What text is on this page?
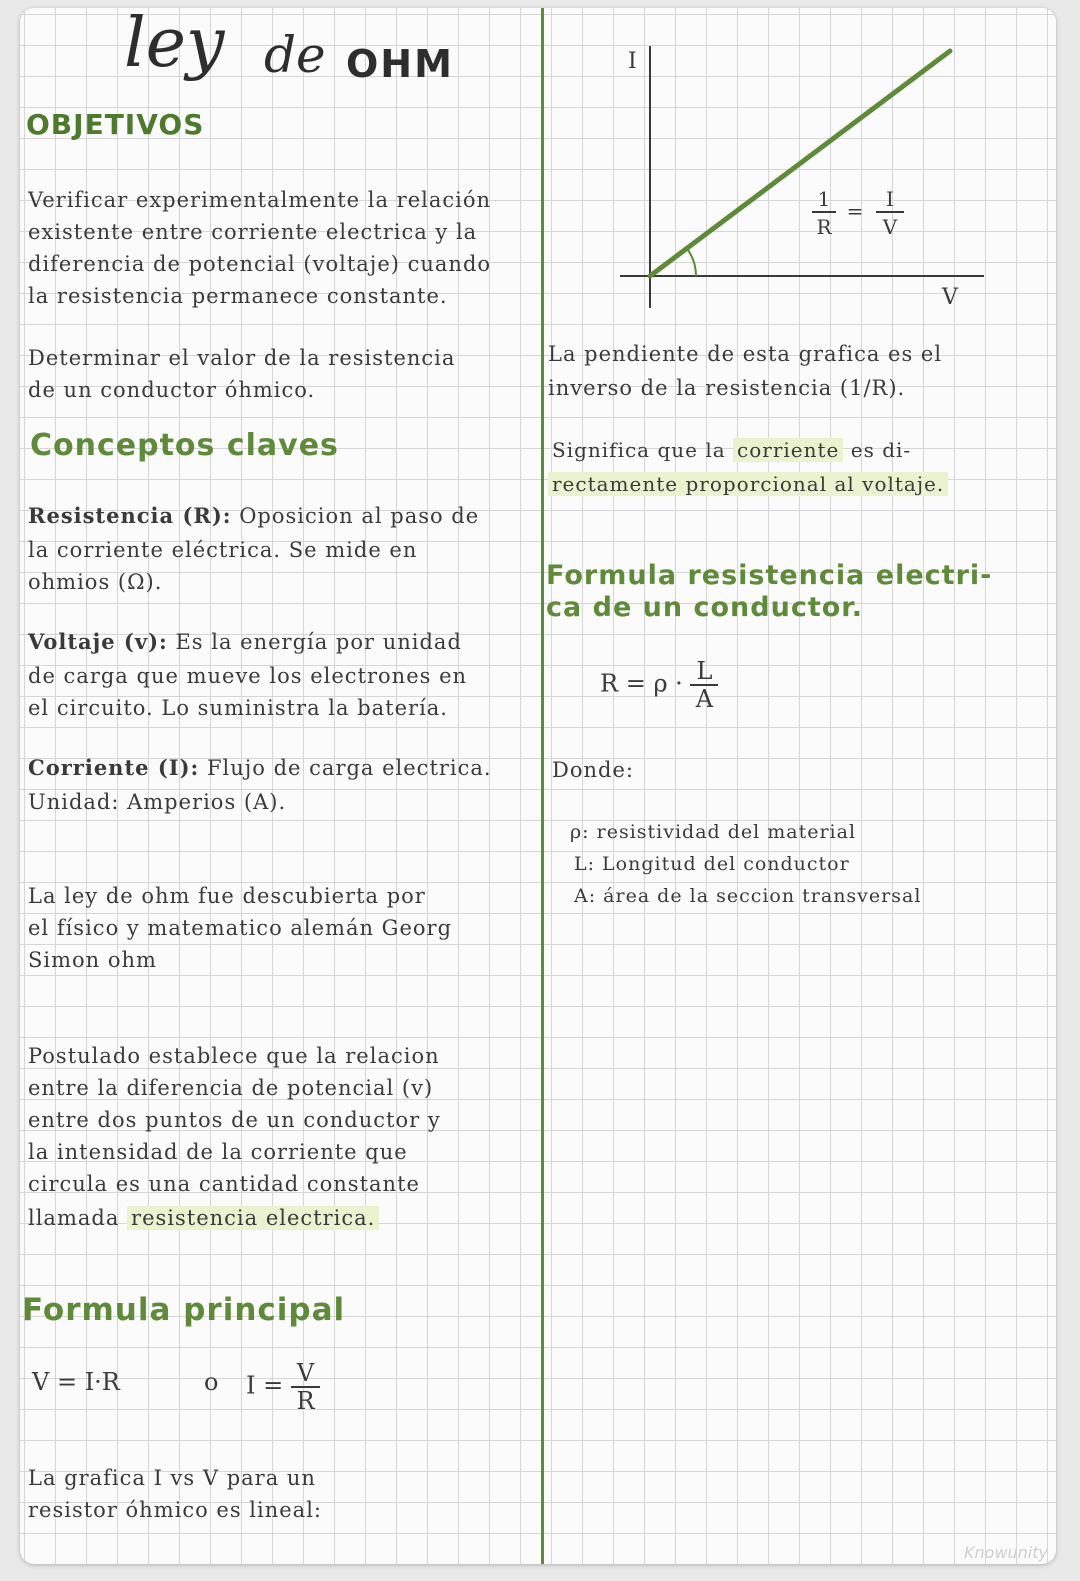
ley de OHM
OBJETIVOS
Verificar experimentalmente la relación
existente entre corriente electrica y la
diferencia de potencial (voltaje) cuando
la resistencia permanece constante.
Determinar el valor de la resistencia
de un conductor óhmico.
Conceptos claves
Resistencia (R): Oposicion al paso de
la corriente eléctrica. Se mide en
ohmios (Ω).
Voltaje (v): Es la energía por unidad
de carga que mueve los electrones en
el circuito. Lo suministra la batería.
Corriente (I): Flujo de carga electrica.
Unidad: Amperios (A).
La ley de ohm fue descubierta por
el físico y matematico alemán Georg
Simon ohm
Postulado establece que la relacion
entre la diferencia de potencial (v)
entre dos puntos de un conductor y
la intensidad de la corriente que
circula es una cantidad constante
llamada resistencia electrica.
Formula principal
V = I·R	o $I = \frac{V}{R}$
La grafica I vs V para un
resistor óhmico es lineal:
I
V
1
R
= I
V
La pendiente de esta grafica es el
inverso de la resistencia (1/R).
Significa que la corriente es di-
rectamente proporcional al voltaje.
Formula resistencia electri-
ca de un conductor.
$R = \rho \cdot \frac{L}{A}$
Donde:
ρ: resistividad del material
L: Longitud del conductor
A: área de la seccion transversal
Knowunity
